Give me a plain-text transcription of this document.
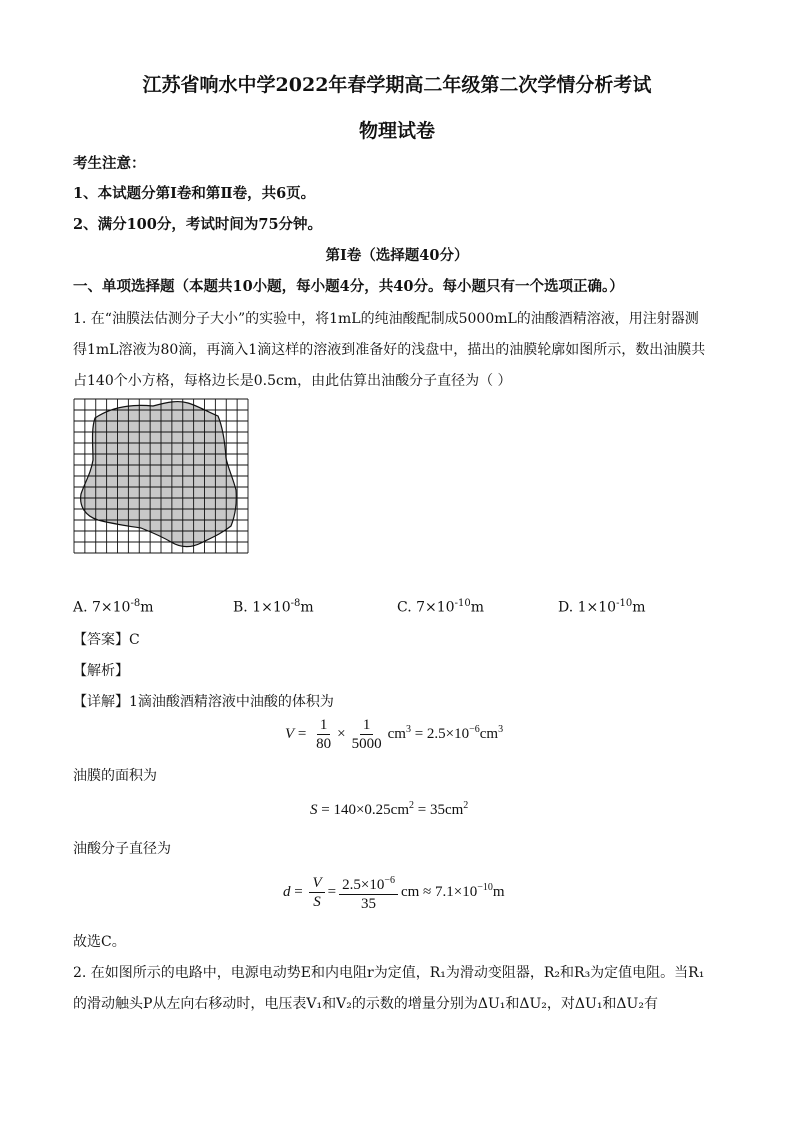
江苏省响水中学2022年春学期高二年级第二次学情分析考试
物理试卷
考生注意：
1、本试题分第Ⅰ卷和第Ⅱ卷，共6页。
2、满分100分，考试时间为75分钟。
第Ⅰ卷（选择题40分）
一、单项选择题（本题共10小题，每小题4分，共40分。每小题只有一个选项正确。）
1. 在“油膜法估测分子大小”的实验中，将1mL的纯油酸配制成5000mL的油酸酒精溶液，用注射器测
得1mL溶液为80滴，再滴入1滴这样的溶液到准备好的浅盘中，描出的油膜轮廓如图所示，数出油膜共
占140个小方格，每格边长是0.5cm，由此估算出油酸分子直径为（ ）
A. $7\times 10^{-8}m$	B. $1\times 10^{-8}m$	C. $7\times 10^{-10}m$	D. $1\times 10^{-10}m$
【答案】C
【解析】
【详解】1滴油酸酒精溶液中油酸的体积为
$V = \frac{1}{80} \times \frac{1}{5000} cm^3 = 2.5\times 10^{-6}cm^3$
油膜的面积为
$S = 140\times 0.25cm^2 = 35cm^2$
油酸分子直径为
$d = \frac{V}{S} = \frac{2.5\times 10^{-6}}{35}$ cm ≈ $7.1\times 10^{-10}m$
故选C。
2. 在如图所示的电路中，电源电动势E和内电阻r为定值，R₁为滑动变阻器，R₂和R₃为定值电阻。当R₁
的滑动触头P从左向右移动时，电压表V₁和V₂的示数的增量分别为ΔU₁和ΔU₂，对ΔU₁和ΔU₂有
